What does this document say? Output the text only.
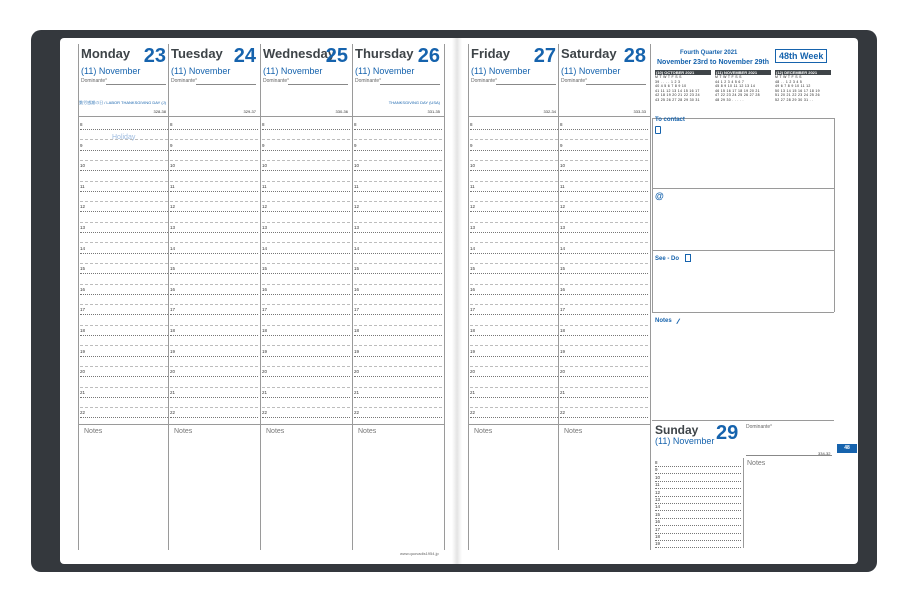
Monday 23
(11) November
Dominante°
勤労感謝の日 / LABOR THANKSGIVING DAY (J)
328-38
8
9
10
11
12
13
14
15
16
17
18
19
20
21
22
Notes
Tuesday 24
(11) November
Dominante°
329-37
8
9
10
11
12
13
14
15
16
17
18
19
20
21
22
Notes
Wednesday
25
(11) November
Dominante°
330-36
8
9
10
11
12
13
14
15
16
17
18
19
20
21
22
Notes
Thursday 26
(11) November
Dominante°
THANKSGIVING DAY (USA)
331-35
8
9
10
11
12
13
14
15
16
17
18
19
20
21
22
Notes
Friday 27
(11) November
Dominante°
332-34
8
9
10
11
12
13
14
15
16
17
18
19
20
21
22
Notes
Saturday 28
(11) November
Dominante°
333-33
8
9
10
11
12
13
14
15
16
17
18
19
20
21
22
Notes
Fourth Quarter 2021
November 23rd to November 29th
48th Week
(10) OCTOBER 2021
M T W T F S S
39 . . . . 1 2 3
40 4 5 6 7 8 9 10
41 11 12 13 14 15 16 17
42 18 19 20 21 22 23 24
43 25 26 27 28 29 30 31
(11) NOVEMBER 2021
M T W T F S S
44 1 2 3 4 5 6 7
45 8 9 10 11 12 13 14
46 15 16 17 18 19 20 21
47 22 23 24 25 26 27 28
48 29 30 . . . . .
(12) DECEMBER 2021
M T W T F S S
48 . . 1 2 3 4 5
49 6 7 8 9 10 11 12
50 13 14 15 16 17 18 19
51 20 21 22 23 24 25 26
52 27 28 29 30 31 . .
To contact
@
See - Do
Notes /
Sunday
(11) November 29 Dominante°
334-32
48
Notes
8
9
10
11
12
13
14
15
16
17
18
19
www.quovadis1954.jp
Holiday
